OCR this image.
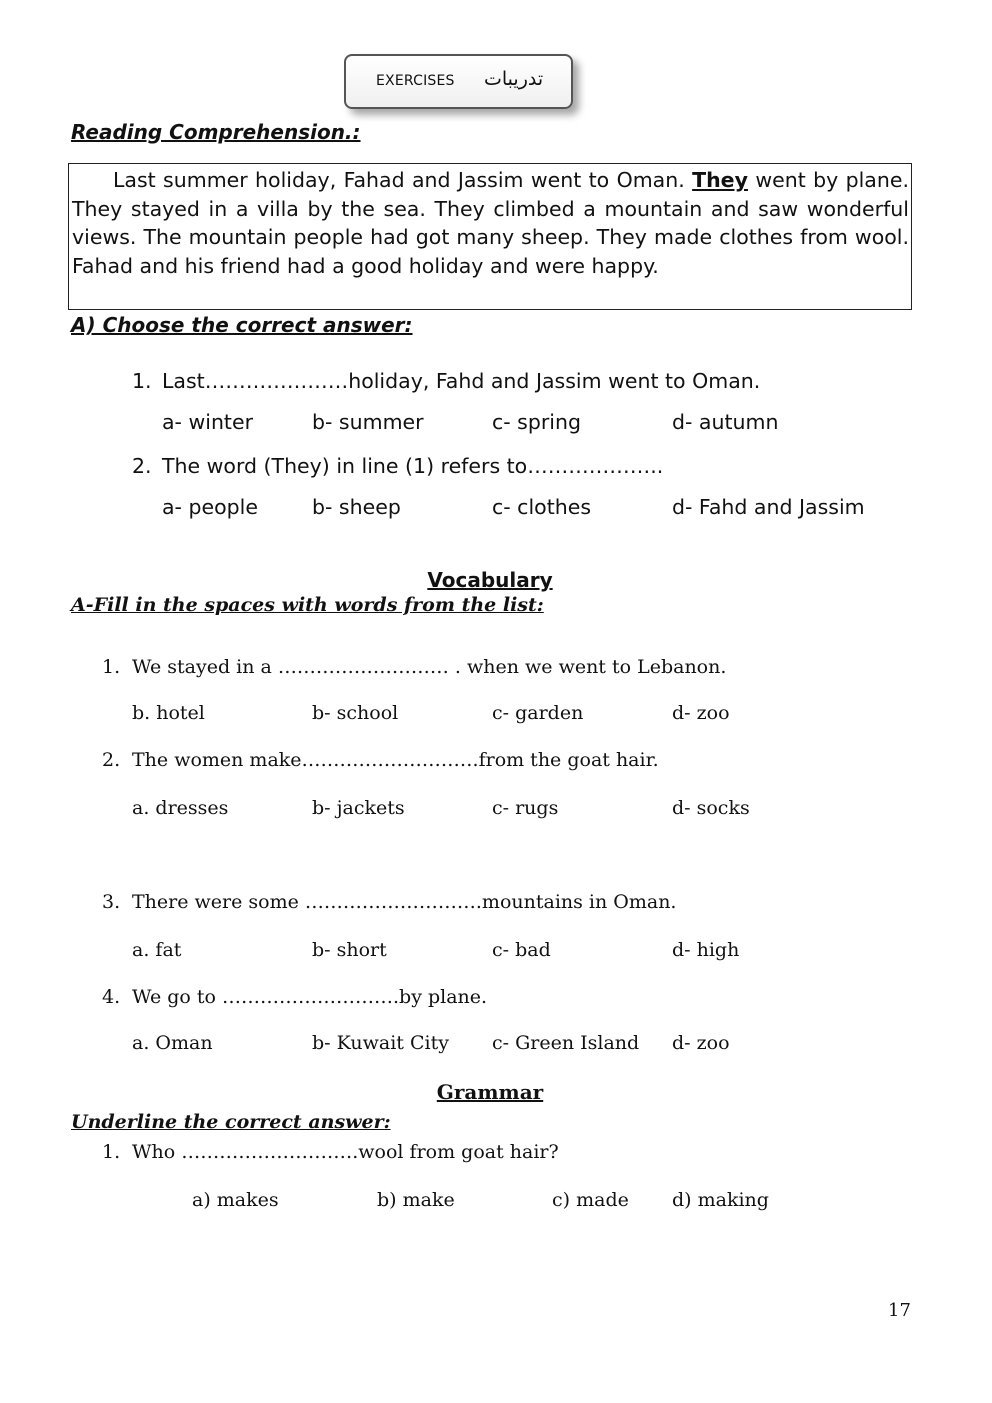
EXERCISES تدريبات
Reading Comprehension.:
Last summer holiday, Fahad and Jassim went to Oman. They went by plane. They stayed in a villa by the sea. They climbed a mountain and saw wonderful views. The mountain people had got many sheep. They made clothes from wool. Fahad and his friend had a good holiday and were happy.
A) Choose the correct answer:
1. Last…………………holiday, Fahd and Jassim went to Oman.
a- winter	b- summer	c- spring	d- autumn
2. The word (They) in line (1) refers to………………..
a- people	b- sheep	c- clothes	d- Fahd and Jassim
Vocabulary
A-Fill in the spaces with words from the list:
1. We stayed in a ……………………… . when we went to Lebanon.
b. hotel	b- school	c- garden	d- zoo
2. The women make……………………….from the goat hair.
a. dresses	b- jackets	c- rugs	d- socks
3. There were some ……………………….mountains in Oman.
a. fat	b- short	c- bad	d- high
4. We go to ……………………….by plane.
a. Oman	b- Kuwait City c- Green Island d- zoo
Grammar
Underline the correct answer:
1. Who ……………………….wool from goat hair?
a) makes	b) make	c) made d) making
17
